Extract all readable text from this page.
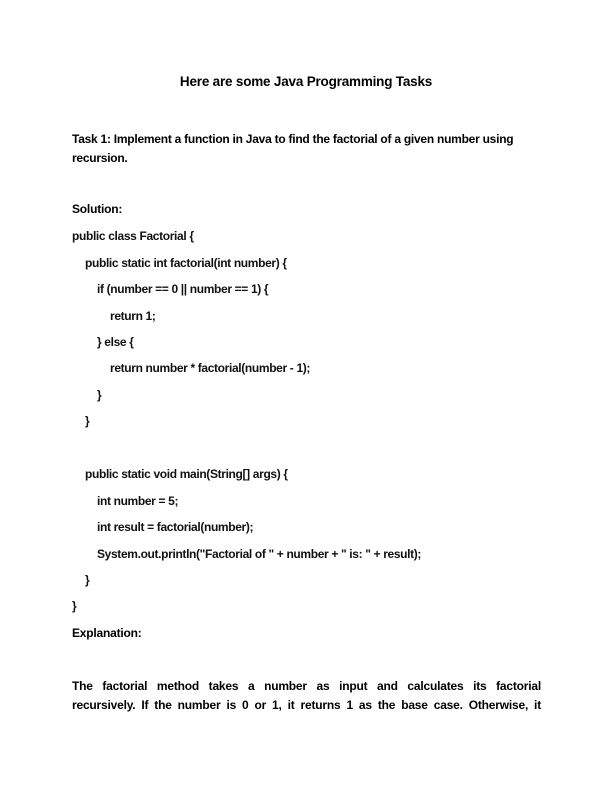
Here are some Java Programming Tasks
Task 1: Implement a function in Java to find the factorial of a given number using recursion.
Solution:
public class Factorial {
public static int factorial(int number) {
if (number == 0 || number == 1) {
return 1;
} else {
return number * factorial(number - 1);
}
}
public static void main(String[] args) {
int number = 5;
int result = factorial(number);
System.out.println("Factorial of " + number + " is: " + result);
}
}
Explanation:
The factorial method takes a number as input and calculates its factorial
recursively. If the number is 0 or 1, it returns 1 as the base case. Otherwise, it
